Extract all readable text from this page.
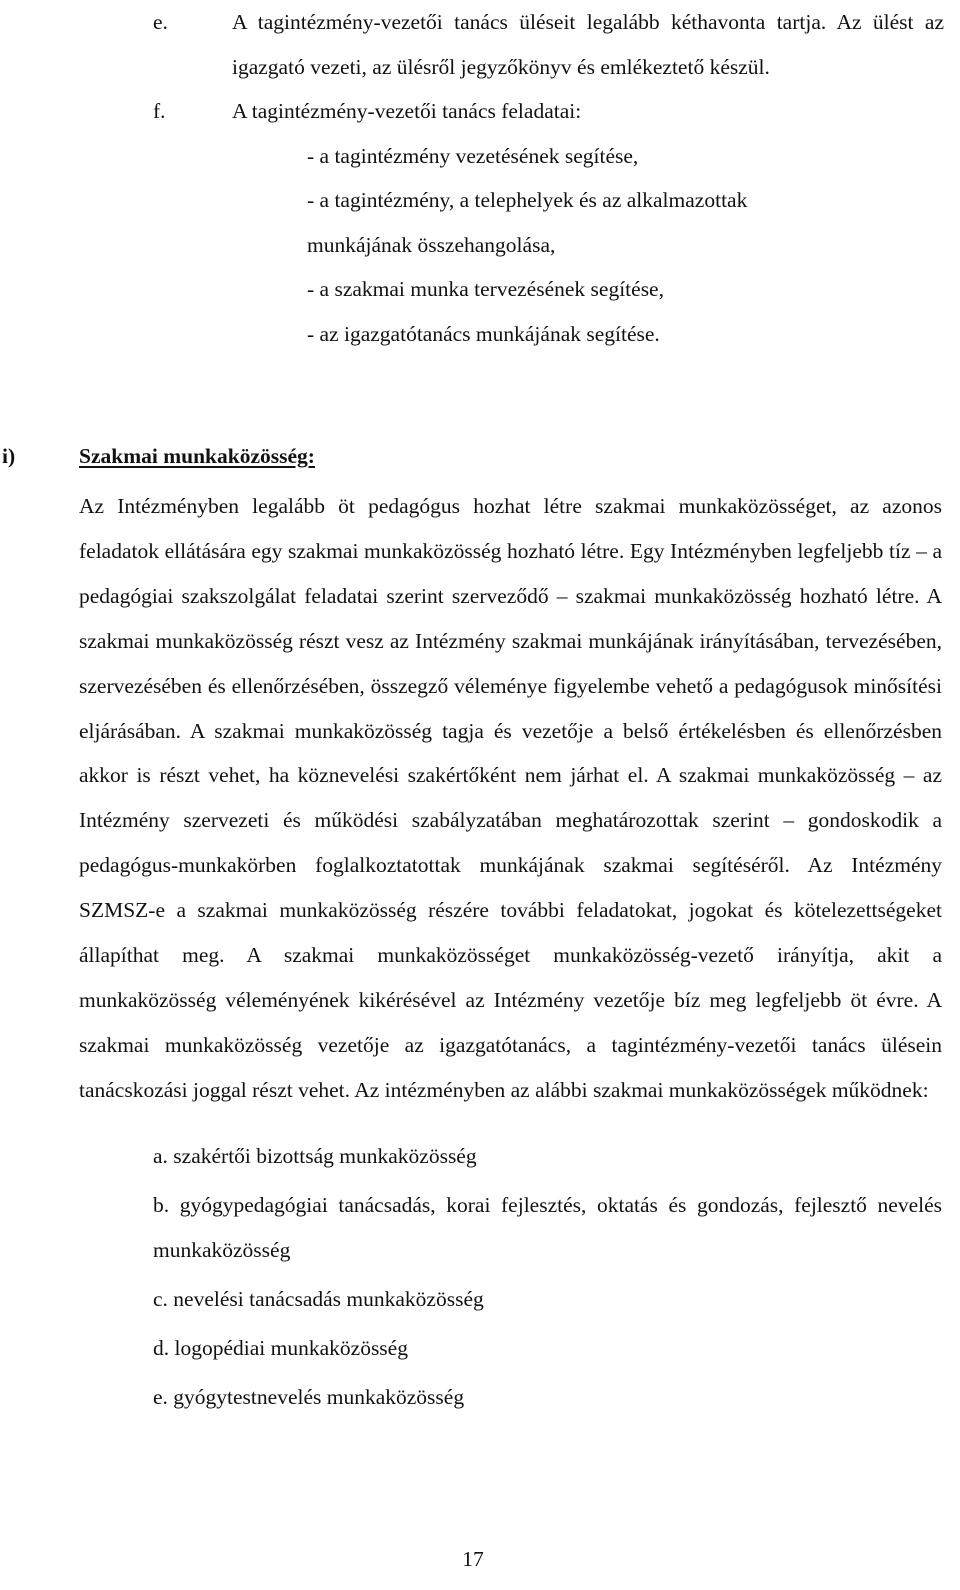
e.	A tagintézmény-vezetői tanács üléseit legalább kéthavonta tartja. Az ülést az igazgató vezeti, az ülésről jegyzőkönyv és emlékeztető készül.
f.	A tagintézmény-vezetői tanács feladatai:
- a tagintézmény vezetésének segítése,
- a tagintézmény, a telephelyek és az alkalmazottak munkájának összehangolása,
- a szakmai munka tervezésének segítése,
- az igazgatótanács munkájának segítése.
i)	Szakmai munkaközösség:

Az Intézményben legalább öt pedagógus hozhat létre szakmai munkaközösséget, az azonos feladatok ellátására egy szakmai munkaközösség hozható létre. Egy Intézményben legfeljebb tíz – a pedagógiai szakszolgálat feladatai szerint szerveződő – szakmai munkaközösség hozható létre. A szakmai munkaközösség részt vesz az Intézmény szakmai munkájának irányításában, tervezésében, szervezésében és ellenőrzésében, összegző véleménye figyelembe vehető a pedagógusok minősítési eljárásában. A szakmai munkaközösség tagja és vezetője a belső értékelésben és ellenőrzésben akkor is részt vehet, ha köznevelési szakértőként nem járhat el. A szakmai munkaközösség – az Intézmény szervezeti és működési szabályzatában meghatározottak szerint – gondoskodik a pedagógus-munkakörben foglalkoztatottak munkájának szakmai segítéséről. Az Intézmény SZMSZ-e a szakmai munkaközösség részére további feladatokat, jogokat és kötelezettségeket állapíthat meg. A szakmai munkaközösséget munkaközösség-vezető irányítja, akit a munkaközösség véleményének kikérésével az Intézmény vezetője bíz meg legfeljebb öt évre. A szakmai munkaközösség vezetője az igazgatótanács, a tagintézmény-vezetői tanács ülésein tanácskozási joggal részt vehet. Az intézményben az alábbi szakmai munkaközösségek működnek:

a. szakértői bizottság munkaközösség
b. gyógypedagógiai tanácsadás, korai fejlesztés, oktatás és gondozás, fejlesztő nevelés munkaközösség
c. nevelési tanácsadás munkaközösség
d. logopédiai munkaközösség
e. gyógytestnevelés munkaközösség
17
